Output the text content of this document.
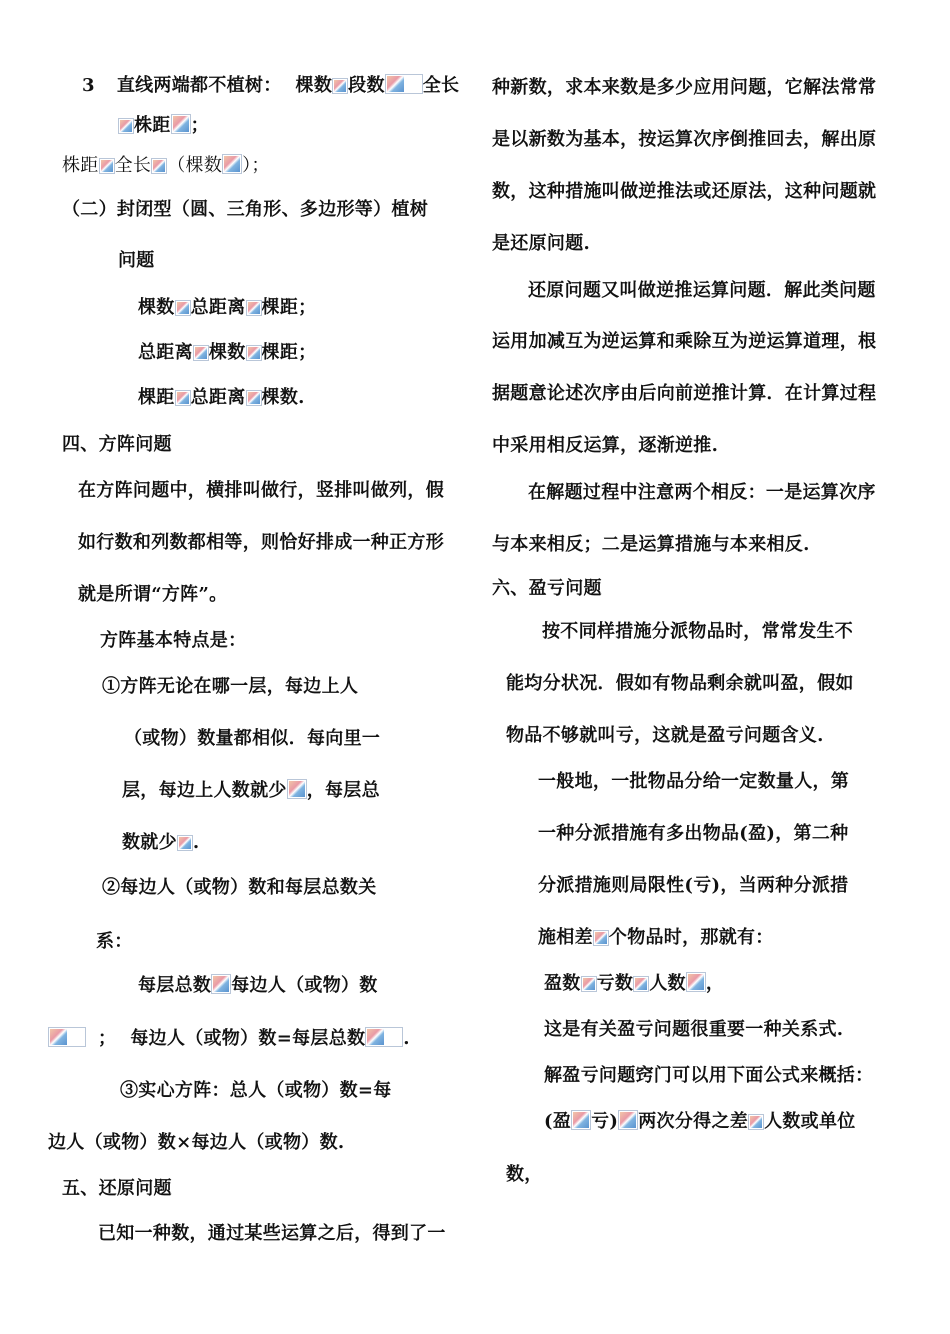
3 直线两端都不植树： 棵数 段数 全长
株距 ；
株距 全长 （棵数 ）；
（二）封闭型（圆、三角形、多边形等）植树
问题
棵数 总距离 棵距；
总距离 棵数 棵距；
棵距 总距离 棵数.
四、方阵问题
在方阵问题中，横排叫做行，竖排叫做列，假
如行数和列数都相等，则恰好排成一种正方形
就是所谓“方阵”。
方阵基本特点是：
①方阵无论在哪一层，每边上人
（或物）数量都相似．每向里一
层，每边上人数就少 ，每层总
数就少 .
②每边人（或物）数和每层总数关
系：
每层总数 每边人（或物）数
； 每边人（或物）数=每层总数 .
③实心方阵：总人（或物）数=每
边人（或物）数×每边人（或物）数.
五、还原问题
已知一种数，通过某些运算之后，得到了一
种新数，求本来数是多少应用问题，它解法常常
是以新数为基本，按运算次序倒推回去，解出原
数，这种措施叫做逆推法或还原法，这种问题就
是还原问题.
还原问题又叫做逆推运算问题．解此类问题
运用加减互为逆运算和乘除互为逆运算道理，根
据题意论述次序由后向前逆推计算．在计算过程
中采用相反运算，逐渐逆推.
在解题过程中注意两个相反：一是运算次序
与本来相反；二是运算措施与本来相反.
六、盈亏问题
按不同样措施分派物品时，常常发生不
能均分状况．假如有物品剩余就叫盈，假如
物品不够就叫亏，这就是盈亏问题含义.
一般地，一批物品分给一定数量人，第
一种分派措施有多出物品(盈)，第二种
分派措施则局限性(亏)，当两种分派措
施相差 个物品时，那就有：
盈数 亏数 人数 ，
这是有关盈亏问题很重要一种关系式.
解盈亏问题窍门可以用下面公式来概括：
(盈 亏) 两次分得之差 人数或单位
数，
